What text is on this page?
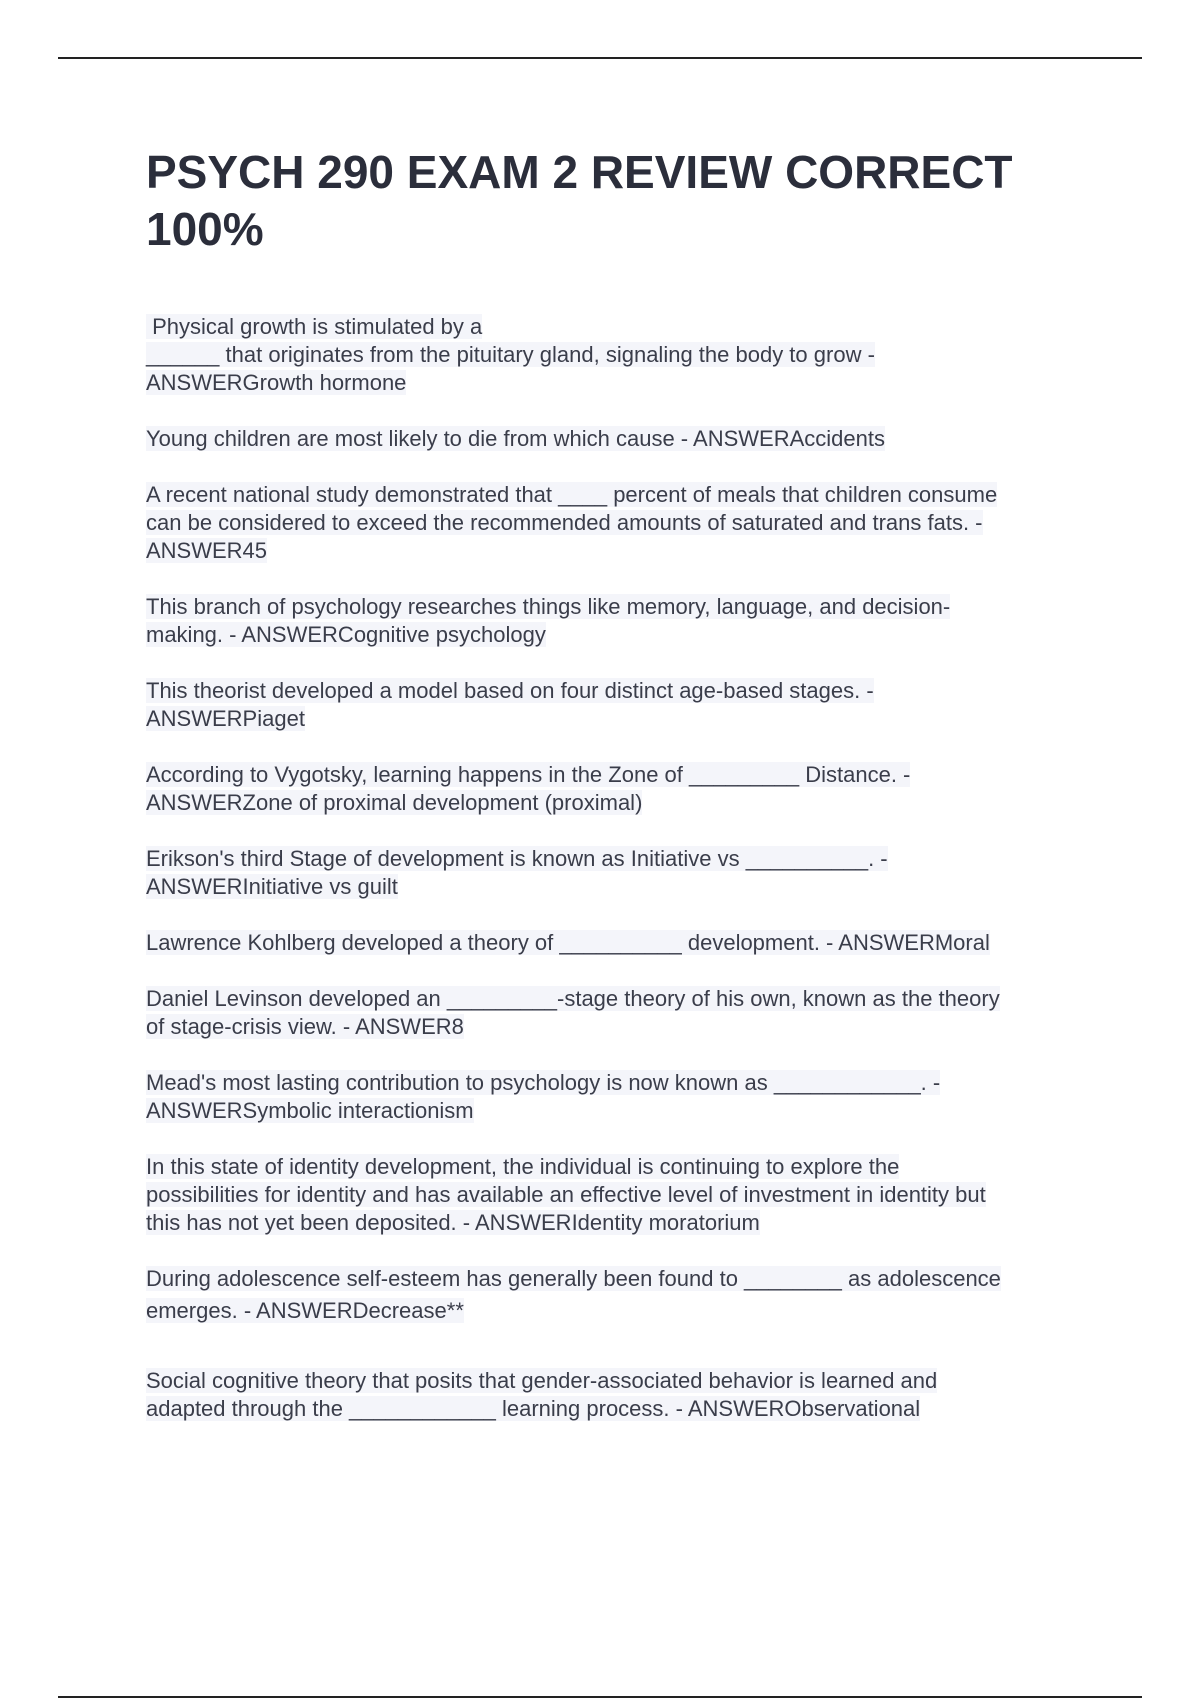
PSYCH 290 EXAM 2 REVIEW CORRECT
100%

Physical growth is stimulated by a
______ that originates from the pituitary gland, signaling the body to grow -
ANSWERGrowth hormone

Young children are most likely to die from which cause - ANSWERAccidents

A recent national study demonstrated that ____ percent of meals that children consume
can be considered to exceed the recommended amounts of saturated and trans fats. -
ANSWER45

This branch of psychology researches things like memory, language, and decision-
making. - ANSWERCognitive psychology

This theorist developed a model based on four distinct age-based stages. -
ANSWERPiaget

According to Vygotsky, learning happens in the Zone of _________ Distance. -
ANSWERZone of proximal development (proximal)

Erikson's third Stage of development is known as Initiative vs __________. -
ANSWERInitiative vs guilt

Lawrence Kohlberg developed a theory of __________ development. - ANSWERMoral

Daniel Levinson developed an _________-stage theory of his own, known as the theory
of stage-crisis view. - ANSWER8

Mead's most lasting contribution to psychology is now known as ____________. -
ANSWERSymbolic interactionism

In this state of identity development, the individual is continuing to explore the
possibilities for identity and has available an effective level of investment in identity but
this has not yet been deposited. - ANSWERIdentity moratorium

During adolescence self-esteem has generally been found to ________ as adolescence
emerges. - ANSWERDecrease**

Social cognitive theory that posits that gender-associated behavior is learned and
adapted through the ____________ learning process. - ANSWERObservational
